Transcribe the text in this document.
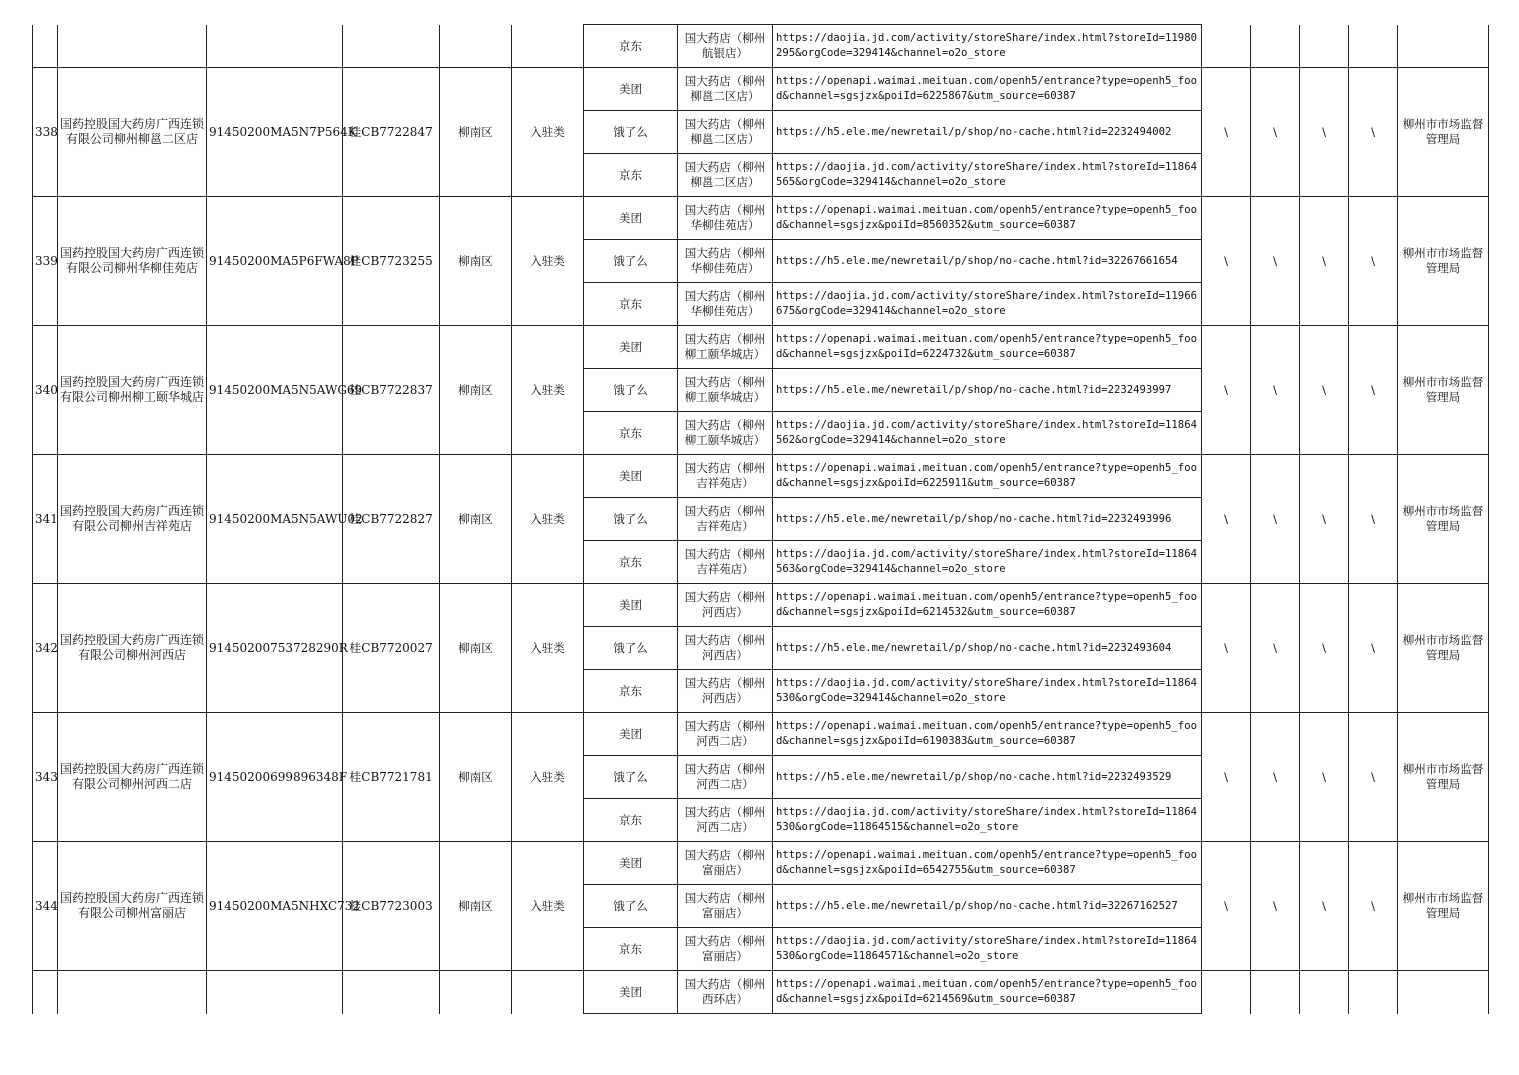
						京东	国大药店（柳州航银店）	https://daojia.jd.com/activity/storeShare/index.html?storeId=11980295&orgCode=329414&channel=o2o_store					
338	国药控股国大药房广西连锁有限公司柳州柳邕二区店	91450200MA5N7P564K	桂CB7722847	柳南区	入驻类	美团	国大药店（柳州柳邕二区店）	https://openapi.waimai.meituan.com/openh5/entrance?type=openh5_food&channel=sgsjzx&poiId=6225867&utm_source=60387	\	\	\	\	柳州市市场监督管理局
						饿了么	国大药店（柳州柳邕二区店）	https://h5.ele.me/newretail/p/shop/no-cache.html?id=2232494002					
						京东	国大药店（柳州柳邕二区店）	https://daojia.jd.com/activity/storeShare/index.html?storeId=11864565&orgCode=329414&channel=o2o_store					
339	国药控股国大药房广西连锁有限公司柳州华柳佳苑店	91450200MA5P6FWA8P	桂CB7723255	柳南区	入驻类	美团	国大药店（柳州华柳佳苑店）	https://openapi.waimai.meituan.com/openh5/entrance?type=openh5_food&channel=sgsjzx&poiId=8560352&utm_source=60387	\	\	\	\	柳州市市场监督管理局
						饿了么	国大药店（柳州华柳佳苑店）	https://h5.ele.me/newretail/p/shop/no-cache.html?id=32267661654					
						京东	国大药店（柳州华柳佳苑店）	https://daojia.jd.com/activity/storeShare/index.html?storeId=11966675&orgCode=329414&channel=o2o_store					
340	国药控股国大药房广西连锁有限公司柳州柳工颐华城店	91450200MA5N5AWG69	桂CB7722837	柳南区	入驻类	美团	国大药店（柳州柳工颐华城店）	https://openapi.waimai.meituan.com/openh5/entrance?type=openh5_food&channel=sgsjzx&poiId=6224732&utm_source=60387	\	\	\	\	柳州市市场监督管理局
						饿了么	国大药店（柳州柳工颐华城店）	https://h5.ele.me/newretail/p/shop/no-cache.html?id=2232493997					
						京东	国大药店（柳州柳工颐华城店）	https://daojia.jd.com/activity/storeShare/index.html?storeId=11864562&orgCode=329414&channel=o2o_store					
341	国药控股国大药房广西连锁有限公司柳州吉祥苑店	91450200MA5N5AWU02	桂CB7722827	柳南区	入驻类	美团	国大药店（柳州吉祥苑店）	https://openapi.waimai.meituan.com/openh5/entrance?type=openh5_food&channel=sgsjzx&poiId=6225911&utm_source=60387	\	\	\	\	柳州市市场监督管理局
						饿了么	国大药店（柳州吉祥苑店）	https://h5.ele.me/newretail/p/shop/no-cache.html?id=2232493996					
						京东	国大药店（柳州吉祥苑店）	https://daojia.jd.com/activity/storeShare/index.html?storeId=11864563&orgCode=329414&channel=o2o_store					
342	国药控股国大药房广西连锁有限公司柳州河西店	91450200753728290R	桂CB7720027	柳南区	入驻类	美团	国大药店（柳州河西店）	https://openapi.waimai.meituan.com/openh5/entrance?type=openh5_food&channel=sgsjzx&poiId=6214532&utm_source=60387	\	\	\	\	柳州市市场监督管理局
						饿了么	国大药店（柳州河西店）	https://h5.ele.me/newretail/p/shop/no-cache.html?id=2232493604					
						京东	国大药店（柳州河西店）	https://daojia.jd.com/activity/storeShare/index.html?storeId=11864530&orgCode=329414&channel=o2o_store					
343	国药控股国大药房广西连锁有限公司柳州河西二店	91450200699896348F	桂CB7721781	柳南区	入驻类	美团	国大药店（柳州河西二店）	https://openapi.waimai.meituan.com/openh5/entrance?type=openh5_food&channel=sgsjzx&poiId=6190383&utm_source=60387	\	\	\	\	柳州市市场监督管理局
						饿了么	国大药店（柳州河西二店）	https://h5.ele.me/newretail/p/shop/no-cache.html?id=2232493529					
						京东	国大药店（柳州河西二店）	https://daojia.jd.com/activity/storeShare/index.html?storeId=11864530&orgCode=11864515&channel=o2o_store					
344	国药控股国大药房广西连锁有限公司柳州富丽店	91450200MA5NHXC732	桂CB7723003	柳南区	入驻类	美团	国大药店（柳州富丽店）	https://openapi.waimai.meituan.com/openh5/entrance?type=openh5_food&channel=sgsjzx&poiId=6542755&utm_source=60387	\	\	\	\	柳州市市场监督管理局
						饿了么	国大药店（柳州富丽店）	https://h5.ele.me/newretail/p/shop/no-cache.html?id=32267162527					
						京东	国大药店（柳州富丽店）	https://daojia.jd.com/activity/storeShare/index.html?storeId=11864530&orgCode=11864571&channel=o2o_store					
						美团	国大药店（柳州西环店）	https://openapi.waimai.meituan.com/openh5/entrance?type=openh5_food&channel=sgsjzx&poiId=6214569&utm_source=60387					
